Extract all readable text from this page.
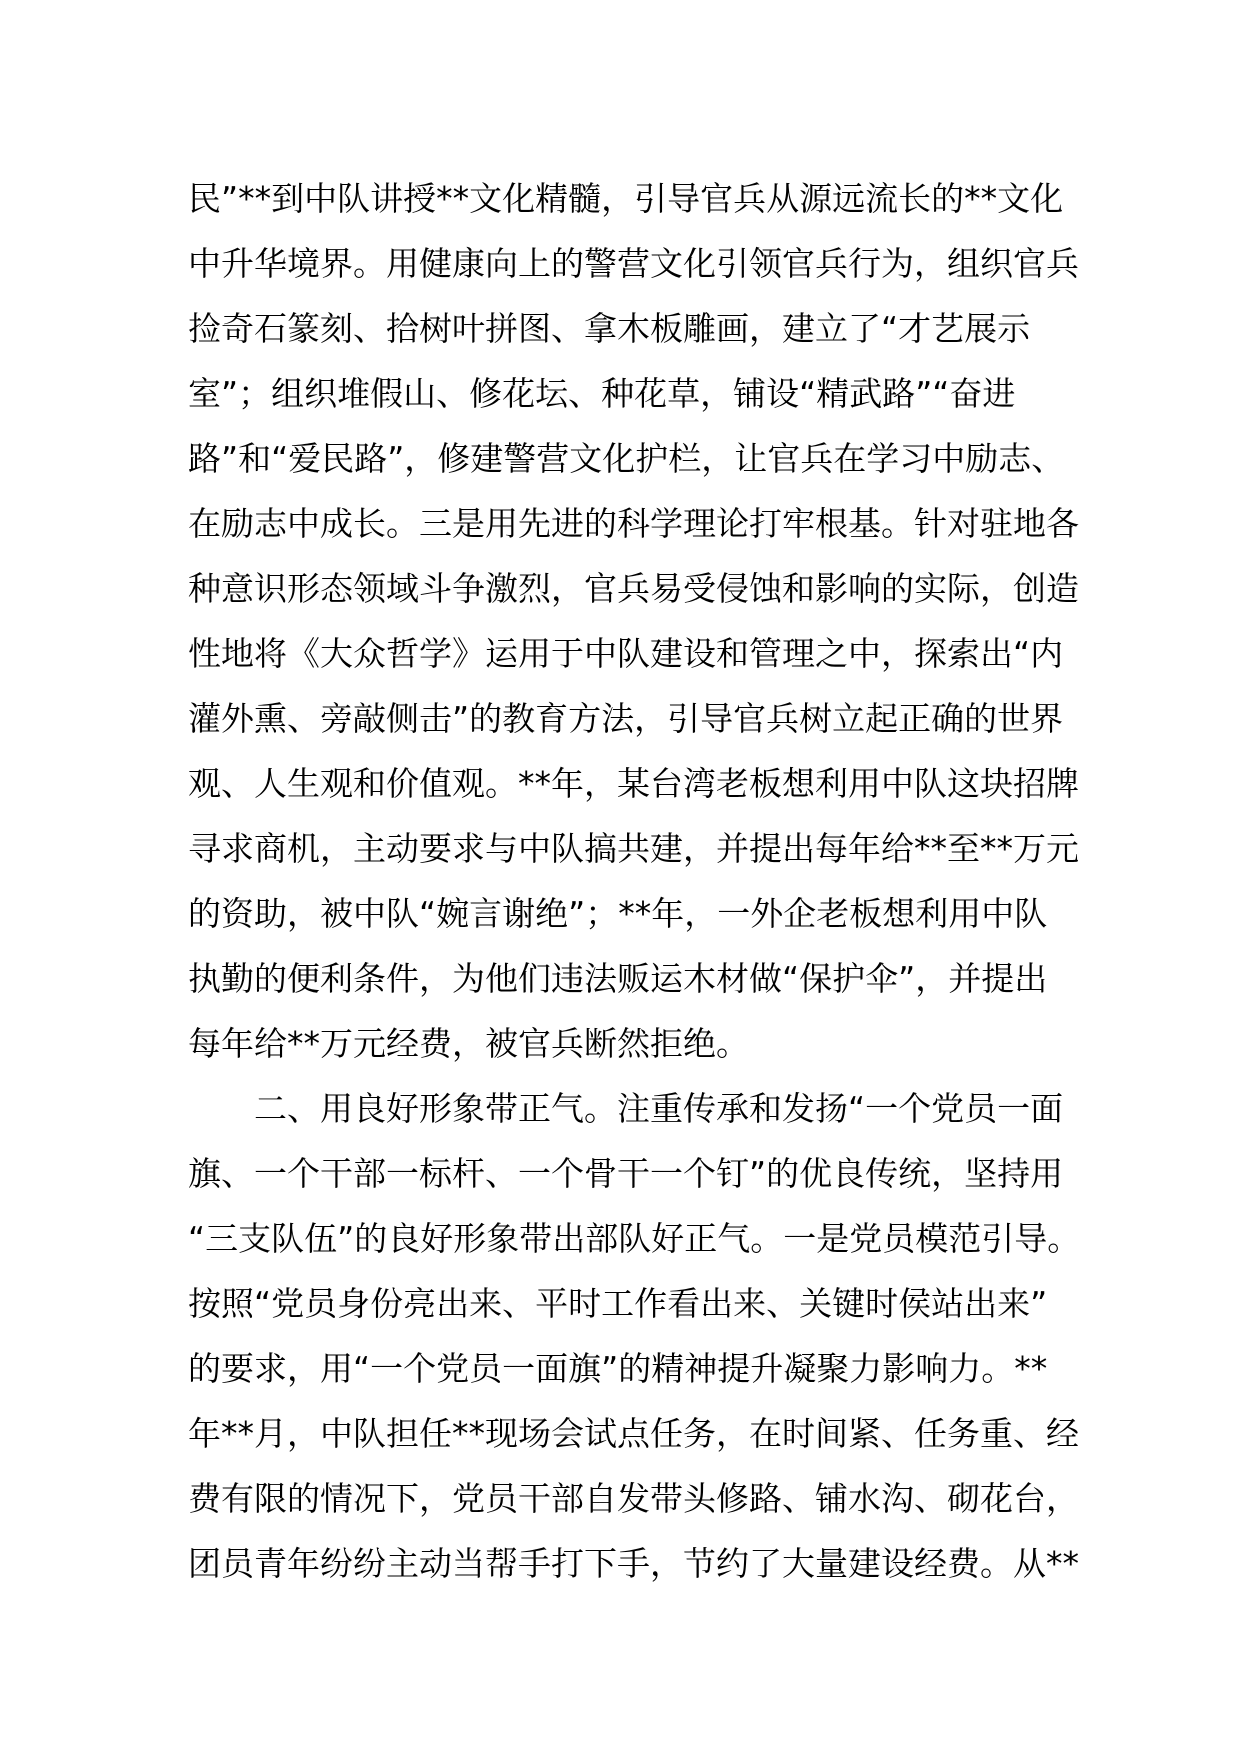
民”**到中队讲授**文化精髓，引导官兵从源远流长的**文化
中升华境界。用健康向上的警营文化引领官兵行为，组织官兵
捡奇石篆刻、拾树叶拼图、拿木板雕画，建立了“才艺展示
室”；组织堆假山、修花坛、种花草，铺设“精武路”“奋进
路”和“爱民路”，修建警营文化护栏，让官兵在学习中励志、
在励志中成长。三是用先进的科学理论打牢根基。针对驻地各
种意识形态领域斗争激烈，官兵易受侵蚀和影响的实际，创造
性地将《大众哲学》运用于中队建设和管理之中，探索出“内
灌外熏、旁敲侧击”的教育方法，引导官兵树立起正确的世界
观、人生观和价值观。**年，某台湾老板想利用中队这块招牌
寻求商机，主动要求与中队搞共建，并提出每年给**至**万元
的资助，被中队“婉言谢绝”；**年，一外企老板想利用中队
执勤的便利条件，为他们违法贩运木材做“保护伞”，并提出
每年给**万元经费，被官兵断然拒绝。
　　二、用良好形象带正气。注重传承和发扬“一个党员一面
旗、一个干部一标杆、一个骨干一个钉”的优良传统，坚持用
“三支队伍”的良好形象带出部队好正气。一是党员模范引导。
按照“党员身份亮出来、平时工作看出来、关键时侯站出来”
的要求，用“一个党员一面旗”的精神提升凝聚力影响力。**
年**月，中队担任**现场会试点任务，在时间紧、任务重、经
费有限的情况下，党员干部自发带头修路、铺水沟、砌花台，
团员青年纷纷主动当帮手打下手，节约了大量建设经费。从**
